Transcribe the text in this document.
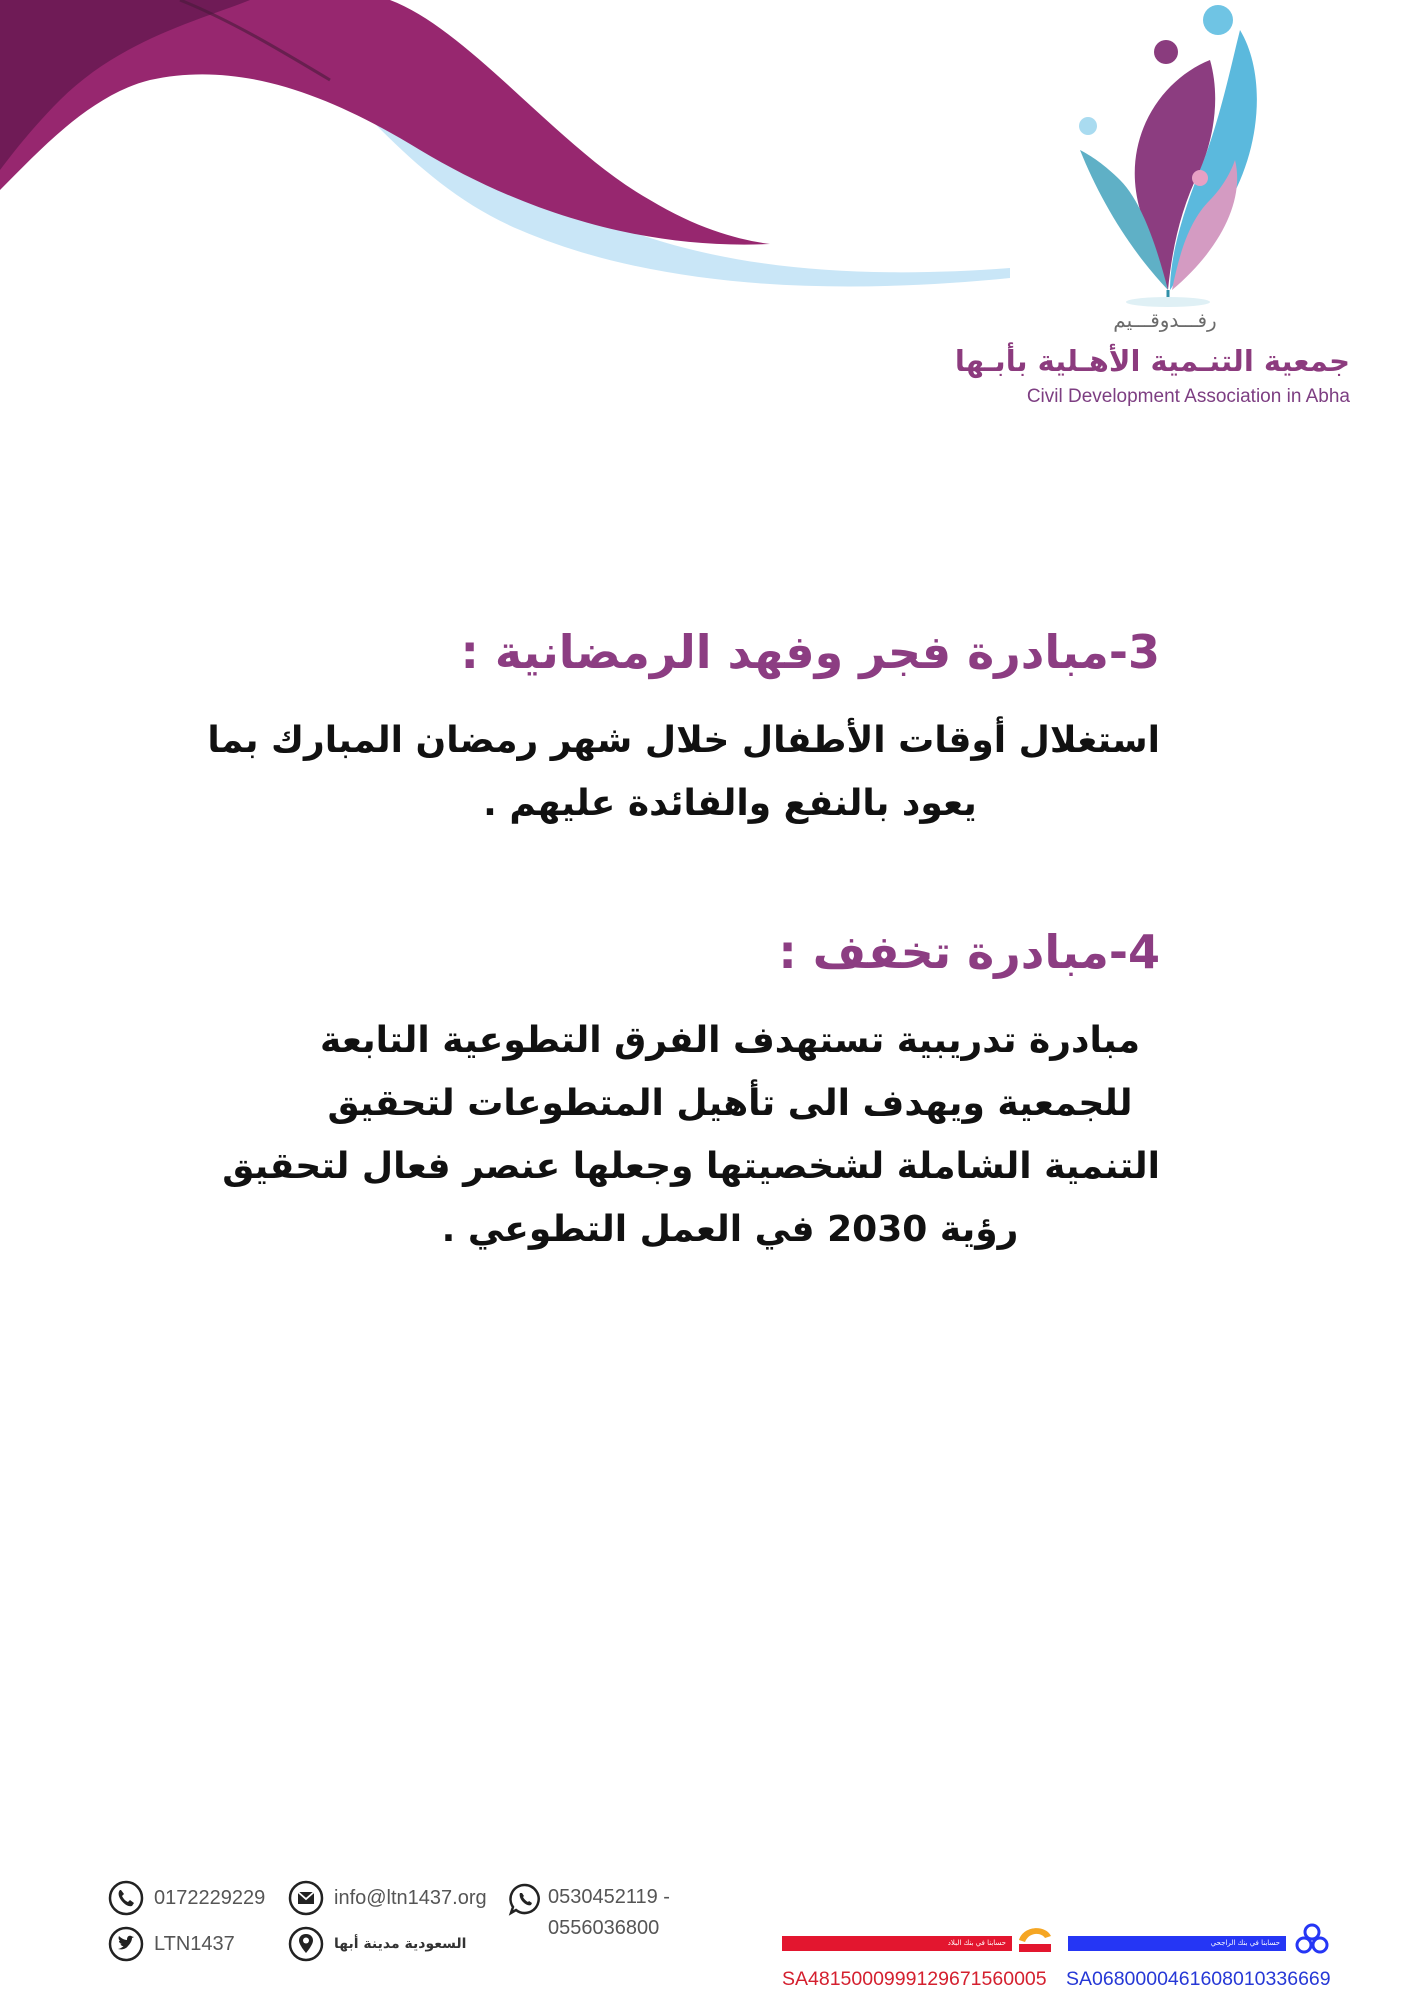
رفـــدوقـــيم
جمعية التنـمية الأهـلية بأبـها
Civil Development Association in Abha
3-مبادرة فجر وفهد الرمضانية :

استغلال أوقات الأطفال خلال شهر رمضان المبارك بما
يعود بالنفع والفائدة عليهم .

4-مبادرة تخفف :

مبادرة تدريبية تستهدف الفرق التطوعية التابعة
للجمعية ويهدف الى تأهيل المتطوعات لتحقيق
التنمية الشاملة لشخصيتها وجعلها عنصر فعال لتحقيق
رؤية 2030 في العمل التطوعي .

0172229229	info@ltn1437.org	0530452119 -
0556036800
LTN1437	السعودية مدينة أبها	حسابنا في بنك البلاد
SA4815000999129671560005
حسابنا في بنك الراجحي
SA0680000461608010336669
